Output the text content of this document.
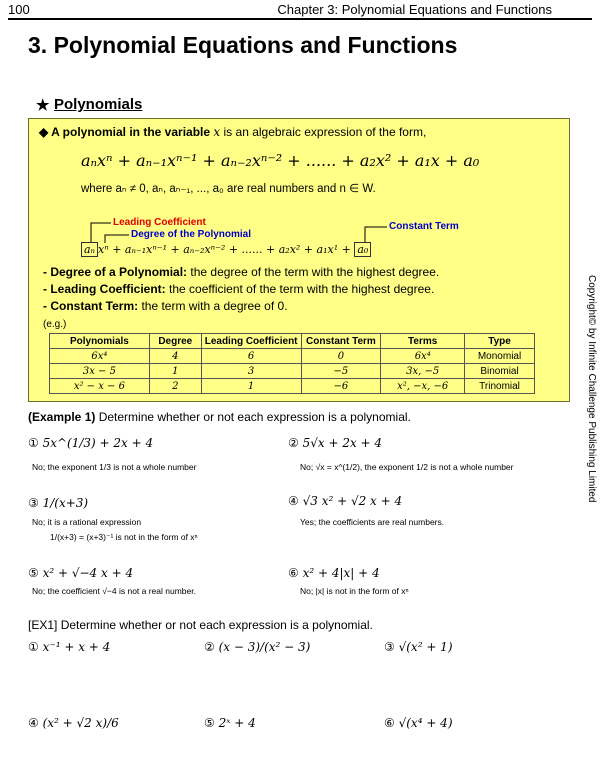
100	Chapter 3: Polynomial Equations and Functions
3. Polynomial Equations and Functions
★ Polynomials
◆ A polynomial in the variable x is an algebraic expression of the form,
aₙxⁿ + aₙ₋₁xⁿ⁻¹ + aₙ₋₂xⁿ⁻² + ...... + a₂x² + a₁x + a₀
where aₙ ≠ 0, aₙ, aₙ₋₁, ..., a₀ are real numbers and n ∈ W.
Leading Coefficient
Degree of the Polynomial
Constant Term
aₙ xⁿ + aₙ₋₁xⁿ⁻¹ + aₙ₋₂xⁿ⁻² + ...... + a₂x² + a₁x¹ + a₀
- Degree of a Polynomial: the degree of the term with the highest degree.
- Leading Coefficient: the coefficient of the term with the highest degree.
- Constant Term: the term with a degree of 0.
(e.g.)
Polynomials	Degree	Leading Coefficient	Constant Term	Terms	Type
6x⁴	4	6	0	6x⁴	Monomial
3x − 5	1	3	−5	3x, −5	Binomial
x² − x − 6	2	1	−6	x², −x, −6	Trinomial	Copyright© by Infinite Challenge Publishing Limited
(Example 1) Determine whether or not each expression is a polynomial.
① 5x^(1/3) + 2x + 4
No; the exponent 1/3 is not a whole number
② 5√x + 2x + 4
No; √x = x^(1/2), the exponent 1/2 is not a whole number
③ 1/(x+3)
No; it is a rational expression
1/(x+3) = (x+3)⁻¹ is not in the form of xⁿ
④ √3 x² + √2 x + 4
Yes; the coefficients are real numbers.
⑤ x² + √−4 x + 4
No; the coefficient √−4 is not a real number.
⑥ x² + 4|x| + 4
No; |x| is not in the form of xⁿ
[EX1] Determine whether or not each expression is a polynomial.
① x⁻¹ + x + 4	② (x − 3)/(x² − 3)	③ √(x² + 1)
④ (x² + √2 x)/6	⑤ 2ˣ + 4	⑥ √(x⁴ + 4)
